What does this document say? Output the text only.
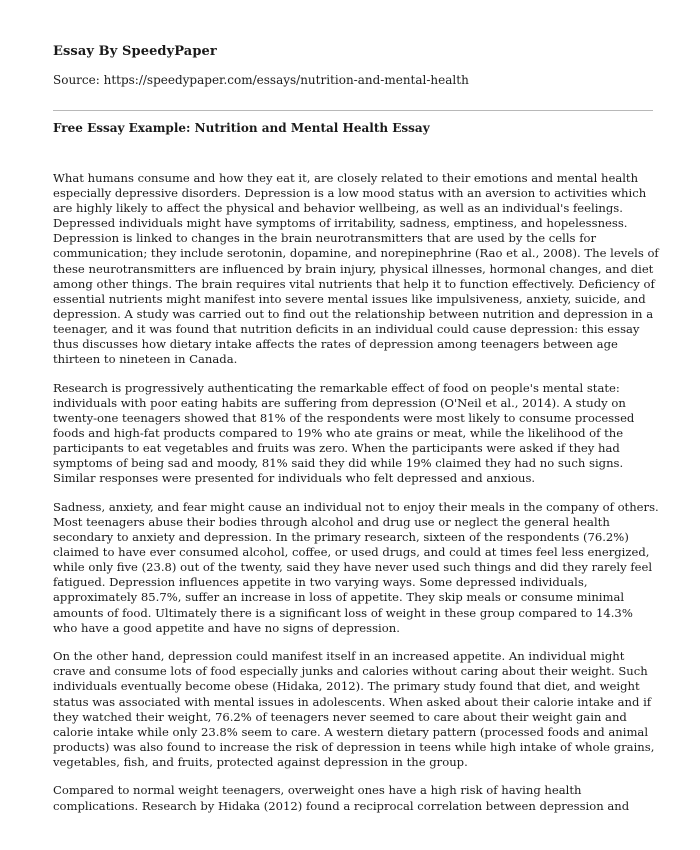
Essay By SpeedyPaper
Source: https://speedypaper.com/essays/nutrition-and-mental-health
Free Essay Example: Nutrition and Mental Health Essay

What humans consume and how they eat it, are closely related to their emotions and mental health especially depressive disorders. Depression is a low mood status with an aversion to activities which are highly likely to affect the physical and behavior wellbeing, as well as an individual's feelings. Depressed individuals might have symptoms of irritability, sadness, emptiness, and hopelessness. Depression is linked to changes in the brain neurotransmitters that are used by the cells for communication; they include serotonin, dopamine, and norepinephrine (Rao et al., 2008). The levels of these neurotransmitters are influenced by brain injury, physical illnesses, hormonal changes, and diet among other things. The brain requires vital nutrients that help it to function effectively. Deficiency of essential nutrients might manifest into severe mental issues like impulsiveness, anxiety, suicide, and depression. A study was carried out to find out the relationship between nutrition and depression in a teenager, and it was found that nutrition deficits in an individual could cause depression: this essay thus discusses how dietary intake affects the rates of depression among teenagers between age thirteen to nineteen in Canada.

Research is progressively authenticating the remarkable effect of food on people's mental state: individuals with poor eating habits are suffering from depression (O'Neil et al., 2014). A study on twenty-one teenagers showed that 81% of the respondents were most likely to consume processed foods and high-fat products compared to 19% who ate grains or meat, while the likelihood of the participants to eat vegetables and fruits was zero. When the participants were asked if they had symptoms of being sad and moody, 81% said they did while 19% claimed they had no such signs. Similar responses were presented for individuals who felt depressed and anxious.

Sadness, anxiety, and fear might cause an individual not to enjoy their meals in the company of others. Most teenagers abuse their bodies through alcohol and drug use or neglect the general health secondary to anxiety and depression. In the primary research, sixteen of the respondents (76.2%) claimed to have ever consumed alcohol, coffee, or used drugs, and could at times feel less energized, while only five (23.8) out of the twenty, said they have never used such things and did they rarely feel fatigued. Depression influences appetite in two varying ways. Some depressed individuals, approximately 85.7%, suffer an increase in loss of appetite. They skip meals or consume minimal amounts of food. Ultimately there is a significant loss of weight in these group compared to 14.3% who have a good appetite and have no signs of depression.

On the other hand, depression could manifest itself in an increased appetite. An individual might crave and consume lots of food especially junks and calories without caring about their weight. Such individuals eventually become obese (Hidaka, 2012). The primary study found that diet, and weight status was associated with mental issues in adolescents. When asked about their calorie intake and if they watched their weight, 76.2% of teenagers never seemed to care about their weight gain and calorie intake while only 23.8% seem to care. A western dietary pattern (processed foods and animal products) was also found to increase the risk of depression in teens while high intake of whole grains, vegetables, fish, and fruits, protected against depression in the group.

Compared to normal weight teenagers, overweight ones have a high risk of having health complications. Research by Hidaka (2012) found a reciprocal correlation between depression and
